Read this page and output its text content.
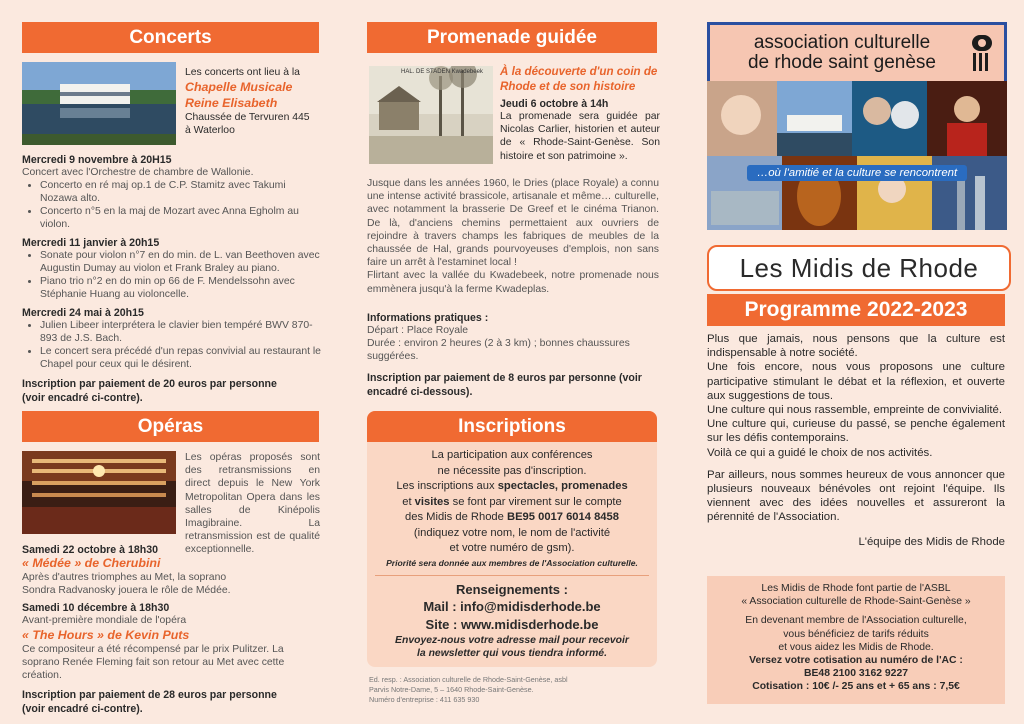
Concerts

Les concerts ont lieu à la

Chapelle Musicale Reine Elisabeth

Chaussée de Tervuren 445

à Waterloo

Mercredi 9 novembre à 20H15

Concert avec l'Orchestre de chambre de Wallonie.

• Concerto en ré maj op.1 de C.P. Stamitz avec Takumi Nozawa alto.
• Concerto n°5 en la maj de Mozart avec Anna Egholm au violon.

Mercredi 11 janvier à 20h15

• Sonate pour violon n°7 en do min. de L. van Beethoven avec Augustin Dumay au violon et Frank Braley au piano.
• Piano trio n°2 en do min op 66 de F. Mendelssohn avec Stéphanie Huang au violoncelle.

Mercredi 24 mai à 20h15

• Julien Libeer interprétera le clavier bien tempéré BWV 870-893 de J.S. Bach.
• Le concert sera précédé d'un repas convivial au restaurant le Chapel pour ceux qui le désirent.

Inscription par paiement de 20 euros par personne (voir encadré ci-contre).

Opéras

Les opéras proposés sont des retransmissions en direct depuis le New York Metropolitan Opera dans les salles de Kinépolis Imagibraine. La retransmission est de qualité exceptionnelle.

Samedi 22 octobre à 18h30

« Médée » de Cherubini

Après d'autres triomphes au Met, la soprano Sondra Radvanosky jouera le rôle de Médée.

Samedi 10 décembre à 18h30

Avant-première mondiale de l'opéra

« The Hours » de Kevin Puts

Ce compositeur a été récompensé par le prix Pulitzer. La soprano Renée Fleming fait son retour au Met avec cette création.

Inscription par paiement de 28 euros par personne (voir encadré ci-contre).

Promenade guidée
HAL. DE STADEN Kwadebeek À la découverte d'un coin de Rhode et de son histoire

Jeudi 6 octobre à 14h

La promenade sera guidée par Nicolas Carlier, historien et auteur de « Rhode-Saint-Genèse. Son histoire et son patrimoine ».

Jusque dans les années 1960, le Dries (place Royale) a connu une intense activité brassicole, artisanale et même… culturelle, avec notamment la brasserie De Greef et le cinéma Trianon. De là, d'anciens chemins permettaient aux ouvriers de rejoindre à travers champs les fabriques de meubles de la chaussée de Hal, grands pourvoyeuses d'emplois, non sans faire un arrêt à l'estaminet local !

Flirtant avec la vallée du Kwadebeek, notre promenade nous emmènera jusqu'à la ferme Kwadeplas.

Informations pratiques :

Départ : Place Royale

Durée : environ 2 heures (2 à 3 km) ; bonnes chaussures suggérées.

Inscription par paiement de 8 euros par personne (voir encadré ci-dessous).

Inscriptions

La participation aux conférences

ne nécessite pas d'inscription.

Les inscriptions aux spectacles, promenades

et visites se font par virement sur le compte

des Midis de Rhode BE95 0017 6014 8458

(indiquez votre nom, le nom de l'activité

et votre numéro de gsm).

Priorité sera donnée aux membres de l'Association culturelle.

Renseignements :

Mail : info@midisderhode.be

Site : www.midisderhode.be

Envoyez-nous votre adresse mail pour recevoir

la newsletter qui vous tiendra informé.

Ed. resp. : Association culturelle de Rhode-Saint-Genèse, asbl

Parvis Notre-Dame, 5 – 1640 Rhode-Saint-Genèse.

Numéro d'entreprise : 411 635 930

association culturelle

de rhode saint genèse

…où l'amitié et la culture se rencontrent
Les Midis de Rhode
Programme 2022-2023

Plus que jamais, nous pensons que la culture est indispensable à notre société.

Une fois encore, nous vous proposons une culture participative stimulant le débat et la réflexion, et ouverte aux suggestions de tous.

Une culture qui nous rassemble, empreinte de convivialité.

Une culture qui, curieuse du passé, se penche également sur les défis contemporains.

Voilà ce qui a guidé le choix de nos activités.

Par ailleurs, nous sommes heureux de vous annoncer que plusieurs nouveaux bénévoles ont rejoint l'équipe. Ils viennent avec des idées nouvelles et assureront la pérennité de l'Association.

L'équipe des Midis de Rhode

Les Midis de Rhode font partie de l'ASBL

« Association culturelle de Rhode-Saint-Genèse »

En devenant membre de l'Association culturelle,

vous bénéficiez de tarifs réduits

et vous aidez les Midis de Rhode.

Versez votre cotisation au numéro de l'AC :

BE48 2100 3162 9227

Cotisation : 10€ /- 25 ans et + 65 ans : 7,5€
